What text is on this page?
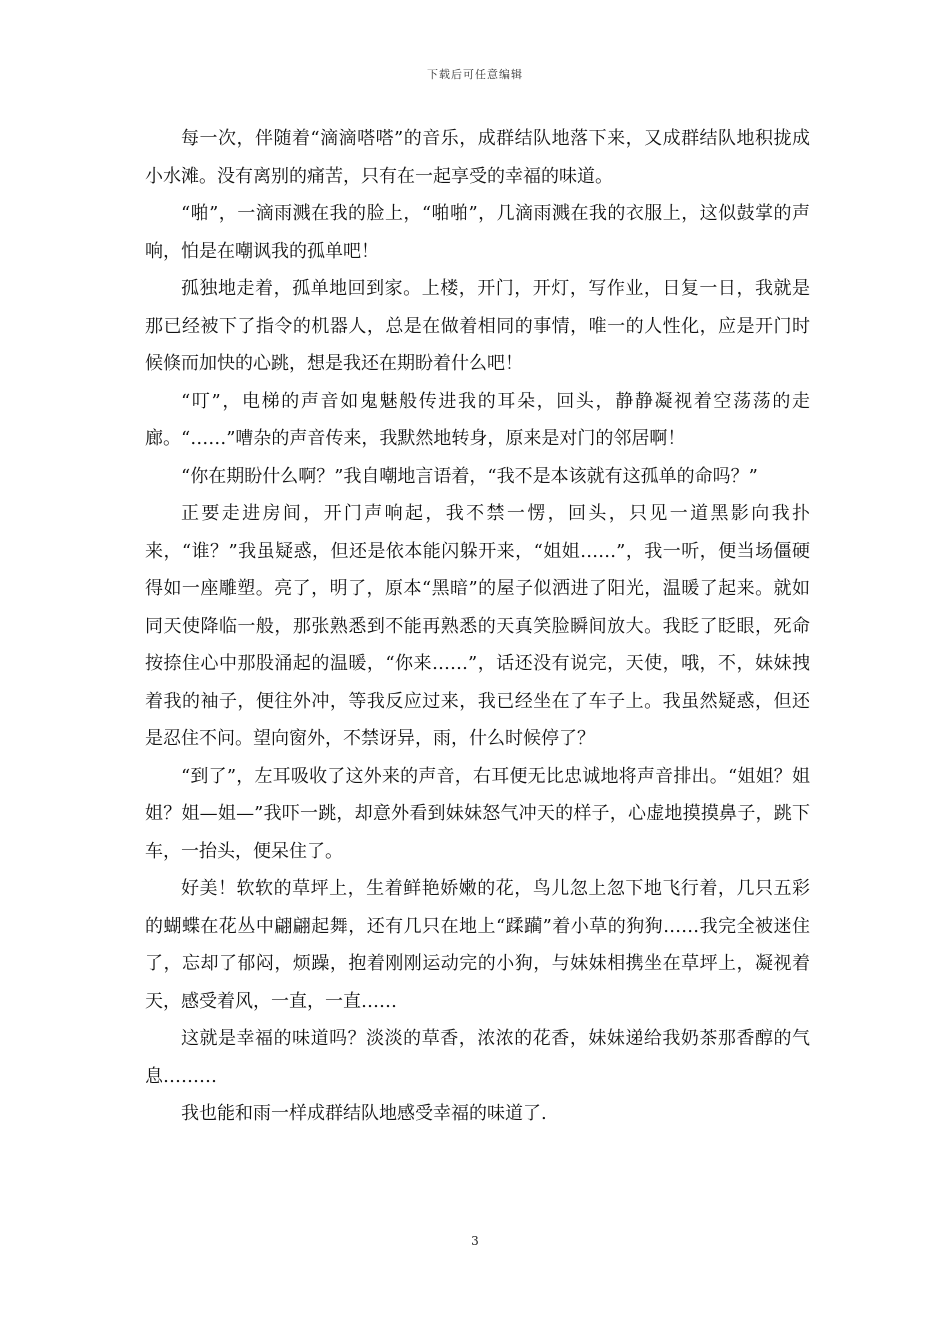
下载后可任意编辑

每一次，伴随着“滴滴嗒嗒”的音乐，成群结队地落下来，又成群结队地积拢成小水滩。没有离别的痛苦，只有在一起享受的幸福的味道。

“啪”，一滴雨溅在我的脸上，“啪啪”，几滴雨溅在我的衣服上，这似鼓掌的声响，怕是在嘲讽我的孤单吧！

孤独地走着，孤单地回到家。上楼，开门，开灯，写作业，日复一日，我就是那已经被下了指令的机器人，总是在做着相同的事情，唯一的人性化，应是开门时候倏而加快的心跳，想是我还在期盼着什么吧！

“叮”，电梯的声音如鬼魅般传进我的耳朵，回头，静静凝视着空荡荡的走廊。“……”嘈杂的声音传来，我默然地转身，原来是对门的邻居啊！

“你在期盼什么啊？”我自嘲地言语着，“我不是本该就有这孤单的命吗？”

正要走进房间，开门声响起，我不禁一愣，回头，只见一道黑影向我扑来，“谁？”我虽疑惑，但还是依本能闪躲开来，“姐姐……”，我一听，便当场僵硬得如一座雕塑。亮了，明了，原本“黑暗”的屋子似洒进了阳光，温暖了起来。就如同天使降临一般，那张熟悉到不能再熟悉的天真笑脸瞬间放大。我眨了眨眼，死命按捺住心中那股涌起的温暖，“你来……”，话还没有说完，天使，哦，不，妹妹拽着我的袖子，便往外冲，等我反应过来，我已经坐在了车子上。我虽然疑惑，但还是忍住不问。望向窗外，不禁讶异，雨，什么时候停了？

“到了”，左耳吸收了这外来的声音，右耳便无比忠诚地将声音排出。“姐姐？姐姐？姐—姐—”我吓一跳，却意外看到妹妹怒气冲天的样子，心虚地摸摸鼻子，跳下车，一抬头，便呆住了。

好美！软软的草坪上，生着鲜艳娇嫩的花，鸟儿忽上忽下地飞行着，几只五彩的蝴蝶在花丛中翩翩起舞，还有几只在地上“蹂躏”着小草的狗狗……我完全被迷住了，忘却了郁闷，烦躁，抱着刚刚运动完的小狗，与妹妹相携坐在草坪上，凝视着天，感受着风，一直，一直……

这就是幸福的味道吗？淡淡的草香，浓浓的花香，妹妹递给我奶茶那香醇的气息………

我也能和雨一样成群结队地感受幸福的味道了.

3
